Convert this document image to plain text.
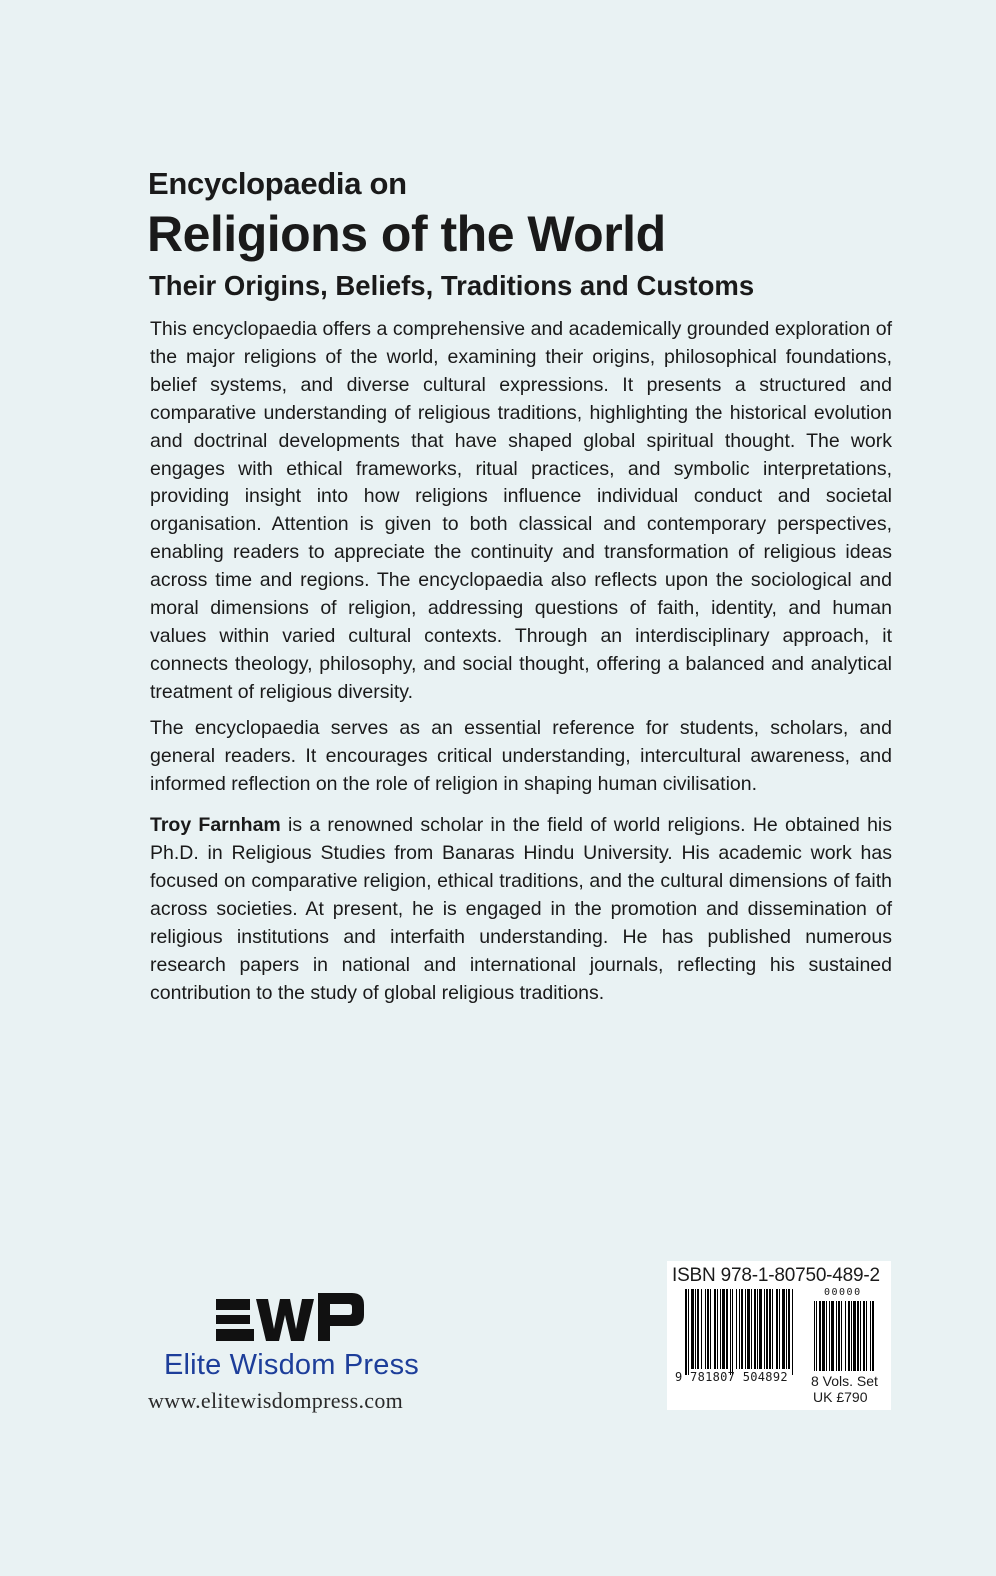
Encyclopaedia on
Religions of the World
Their Origins, Beliefs, Traditions and Customs

This encyclopaedia offers a comprehensive and academically grounded exploration of the major religions of the world, examining their origins, philosophical foundations, belief systems, and diverse cultural expressions. It presents a structured and comparative understanding of religious traditions, highlighting the historical evolution and doctrinal developments that have shaped global spiritual thought. The work engages with ethical frameworks, ritual practices, and symbolic interpretations, providing insight into how religions influence individual conduct and societal organisation. Attention is given to both classical and contemporary perspectives, enabling readers to appreciate the continuity and transformation of religious ideas across time and regions. The encyclopaedia also reflects upon the sociological and moral dimensions of religion, addressing questions of faith, identity, and human values within varied cultural contexts. Through an interdisciplinary approach, it connects theology, philosophy, and social thought, offering a balanced and analytical treatment of religious diversity.

The encyclopaedia serves as an essential reference for students, scholars, and general readers. It encourages critical understanding, intercultural awareness, and informed reflection on the role of religion in shaping human civilisation.

Troy Farnham is a renowned scholar in the field of world religions. He obtained his Ph.D. in Religious Studies from Banaras Hindu University. His academic work has focused on comparative religion, ethical traditions, and the cultural dimensions of faith across societies. At present, he is engaged in the promotion and dissemination of religious institutions and interfaith understanding. He has published numerous research papers in national and international journals, reflecting his sustained contribution to the study of global religious traditions.

Elite Wisdom Press
www.elitewisdompress.com
ISBN 978-1-80750-489-2
00000
9 781807 504892 8 Vols. Set
UK £790
